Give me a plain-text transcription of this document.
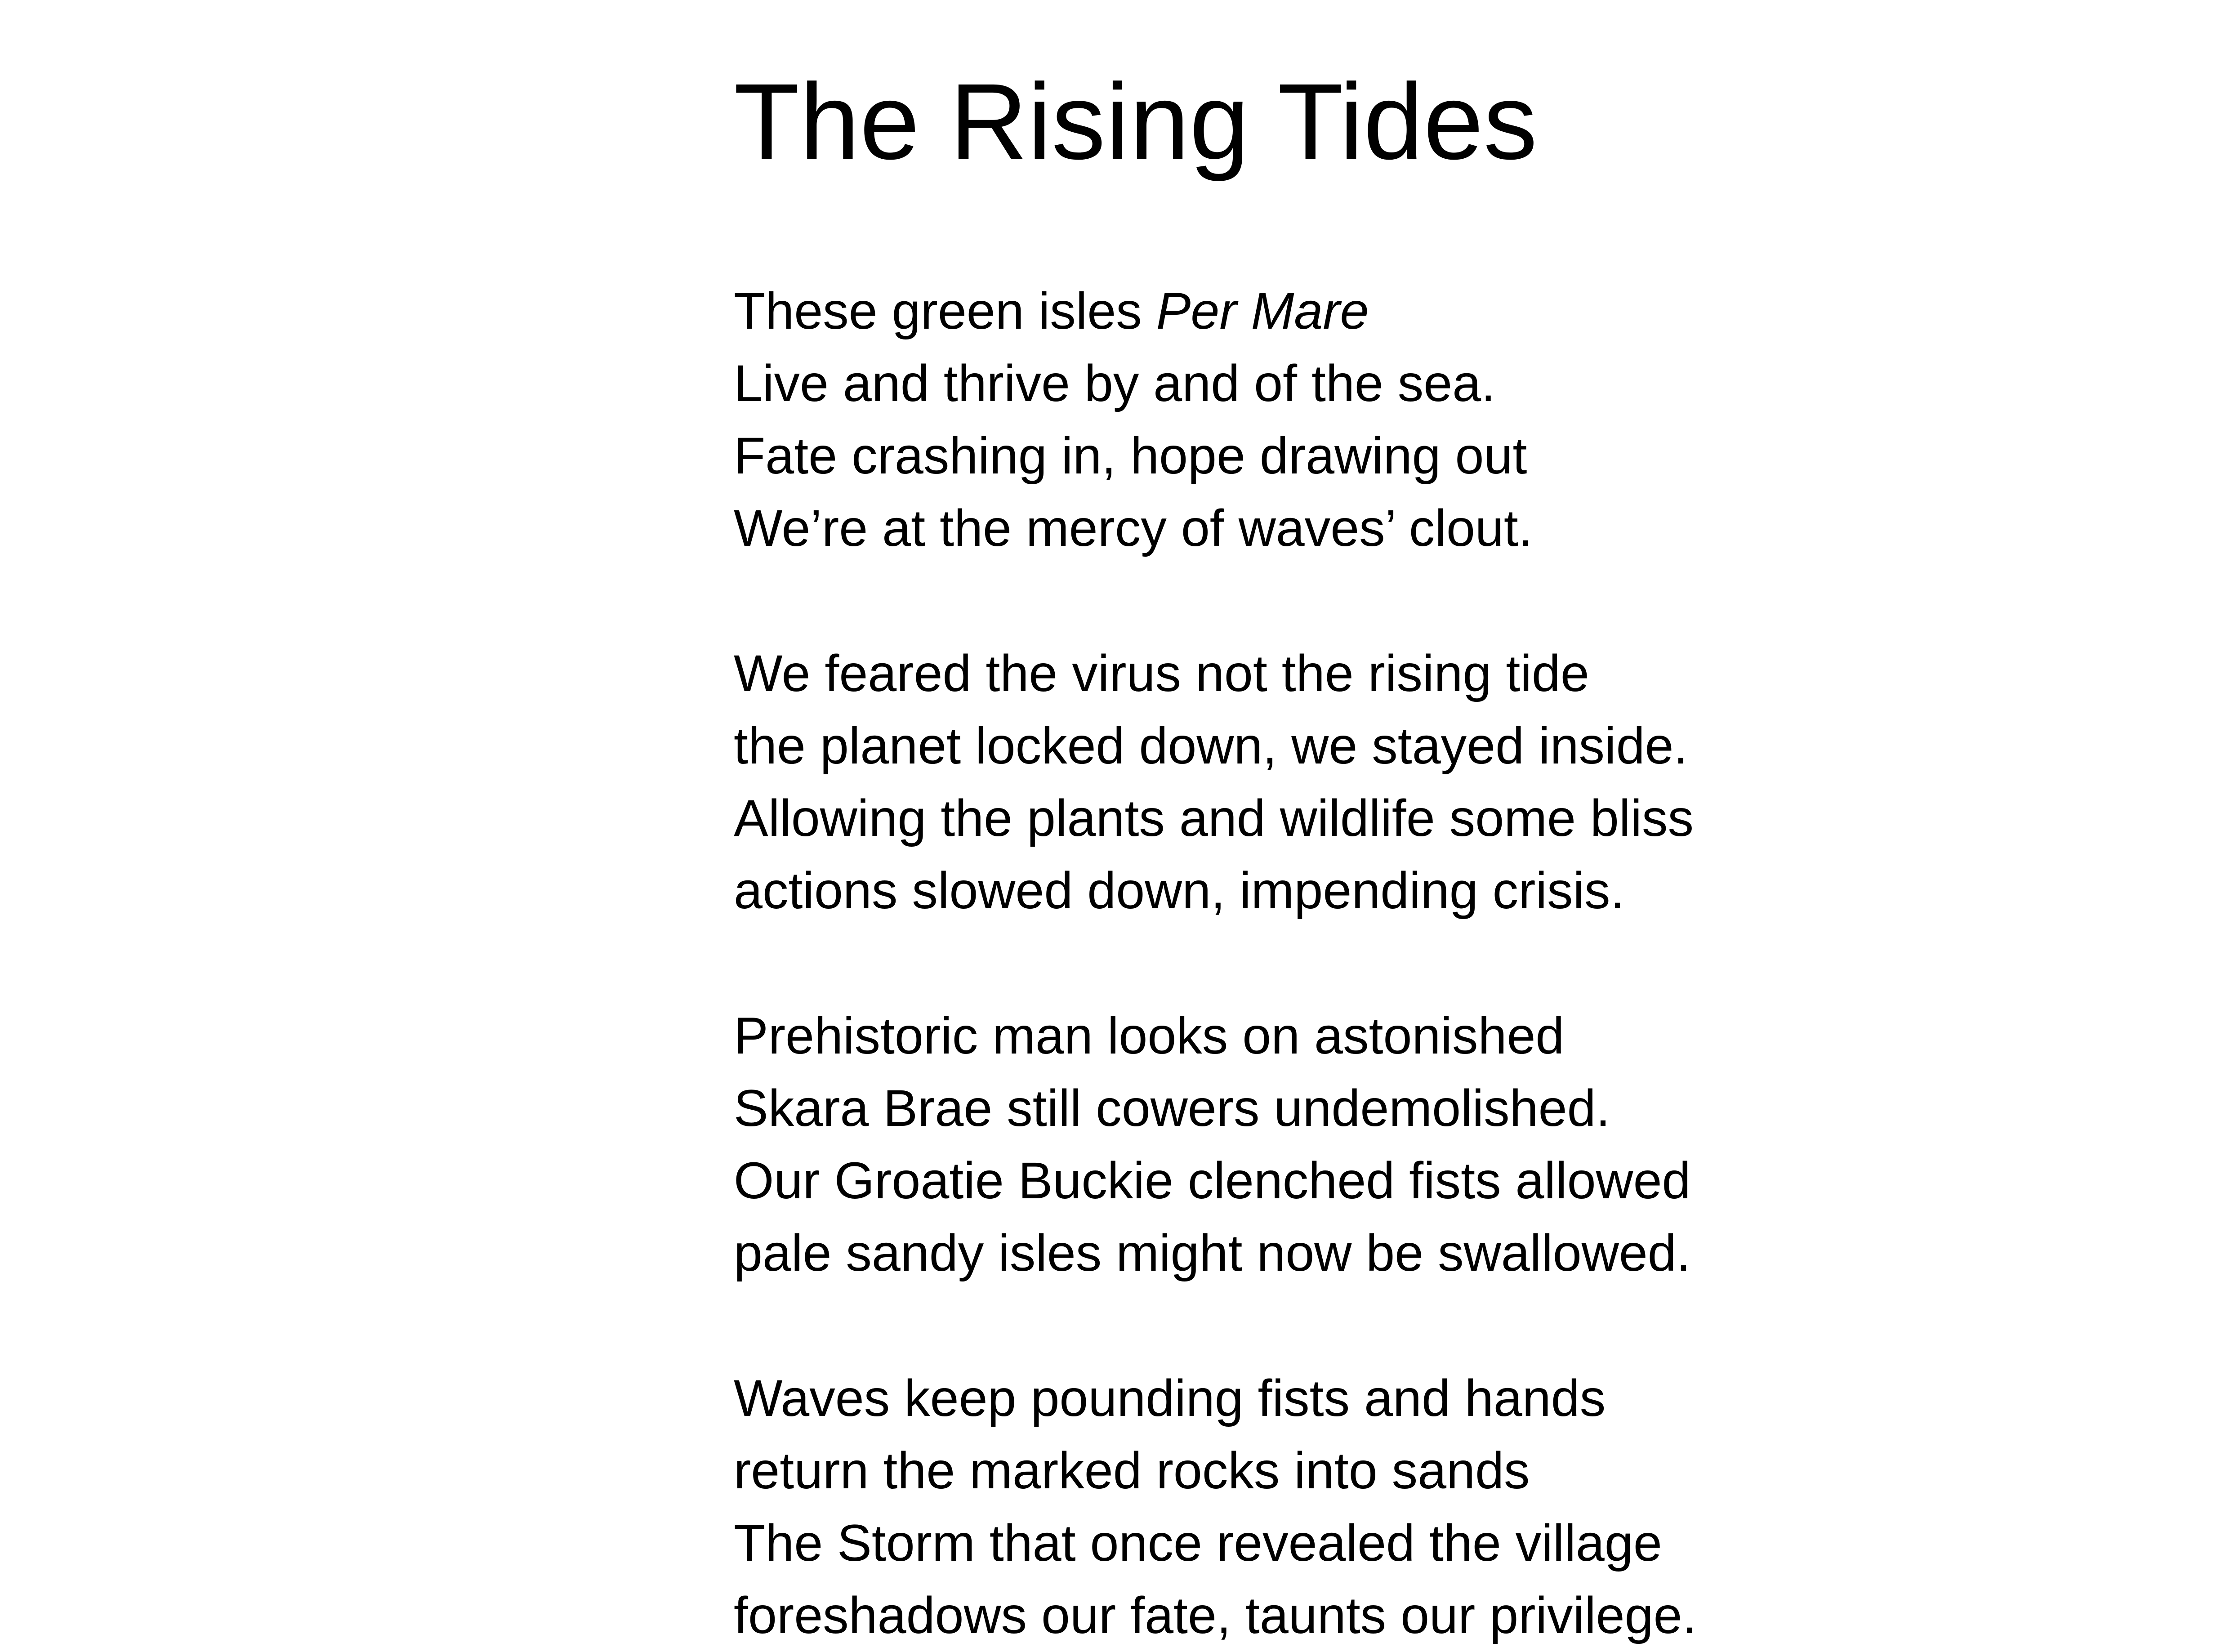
The Rising Tides
These green isles Per Mare
Live and thrive by and of the sea.
Fate crashing in, hope drawing out
We’re at the mercy of waves’ clout.
We feared the virus not the rising tide
the planet locked down, we stayed inside.
Allowing the plants and wildlife some bliss
actions slowed down, impending crisis.
Prehistoric man looks on astonished
Skara Brae still cowers undemolished.
Our Groatie Buckie clenched fists allowed
pale sandy isles might now be swallowed.
Waves keep pounding fists and hands
return the marked rocks into sands
The Storm that once revealed the village
foreshadows our fate, taunts our privilege.
